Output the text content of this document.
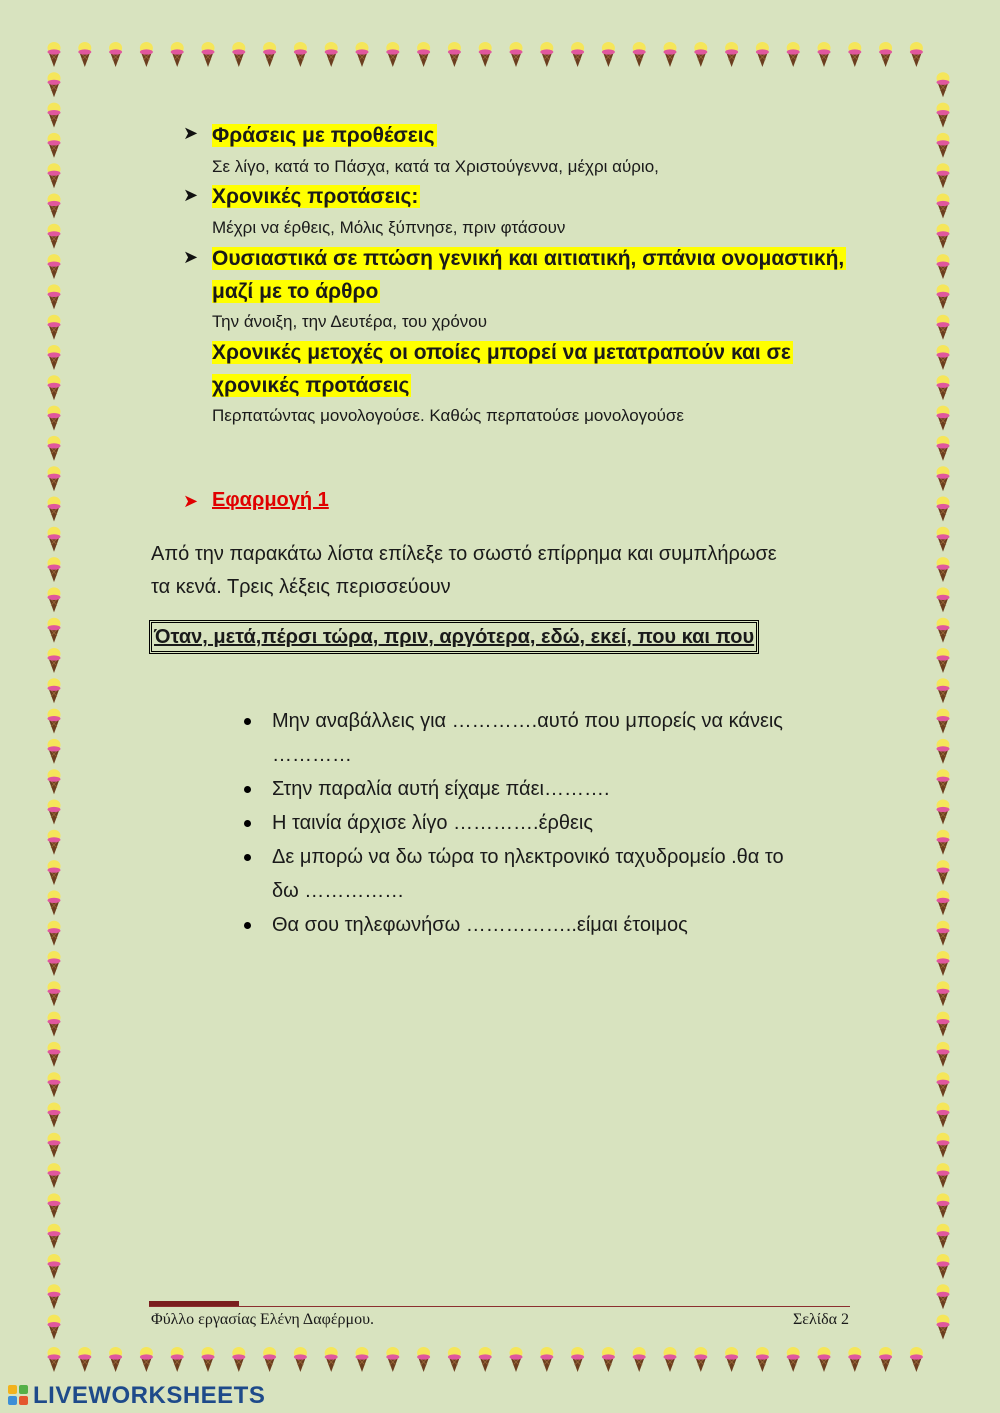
➤ Φράσεις με προθέσεις

Σε λίγο, κατά το Πάσχα, κατά τα Χριστούγεννα, μέχρι αύριο,

➤ Χρονικές προτάσεις:

Μέχρι να έρθεις, Μόλις ξύπνησε, πριν φτάσουν

➤ Ουσιαστικά σε πτώση γενική και αιτιατική, σπάνια ονομαστική,
μαζί με το άρθρο

Την άνοιξη, την Δευτέρα, του χρόνου

Χρονικές μετοχές οι οποίες μπορεί να μετατραπούν και σε
χρονικές προτάσεις

Περπατώντας μονολογούσε. Καθώς περπατούσε μονολογούσε

➤ Εφαρμογή 1

Από την παρακάτω λίστα επίλεξε το σωστό επίρρημα και συμπλήρωσε
τα κενά. Τρεις λέξεις περισσεύουν

Όταν, μετά,πέρσι τώρα, πριν, αργότερα, εδώ, εκεί, που και που
Μην αναβάλλεις για ………….αυτό που μπορείς να κάνεις
…………
Στην παραλία αυτή είχαμε πάει……….
Η ταινία άρχισε λίγο ………….έρθεις
Δε μπορώ να δω τώρα το ηλεκτρονικό ταχυδρομείο .θα το
δω ……………
Θα σου τηλεφωνήσω ……………..είμαι έτοιμος
Φύλλο εργασίας Ελένη Δαφέρμου.	Σελίδα 2
LIVEWORKSHEETS
